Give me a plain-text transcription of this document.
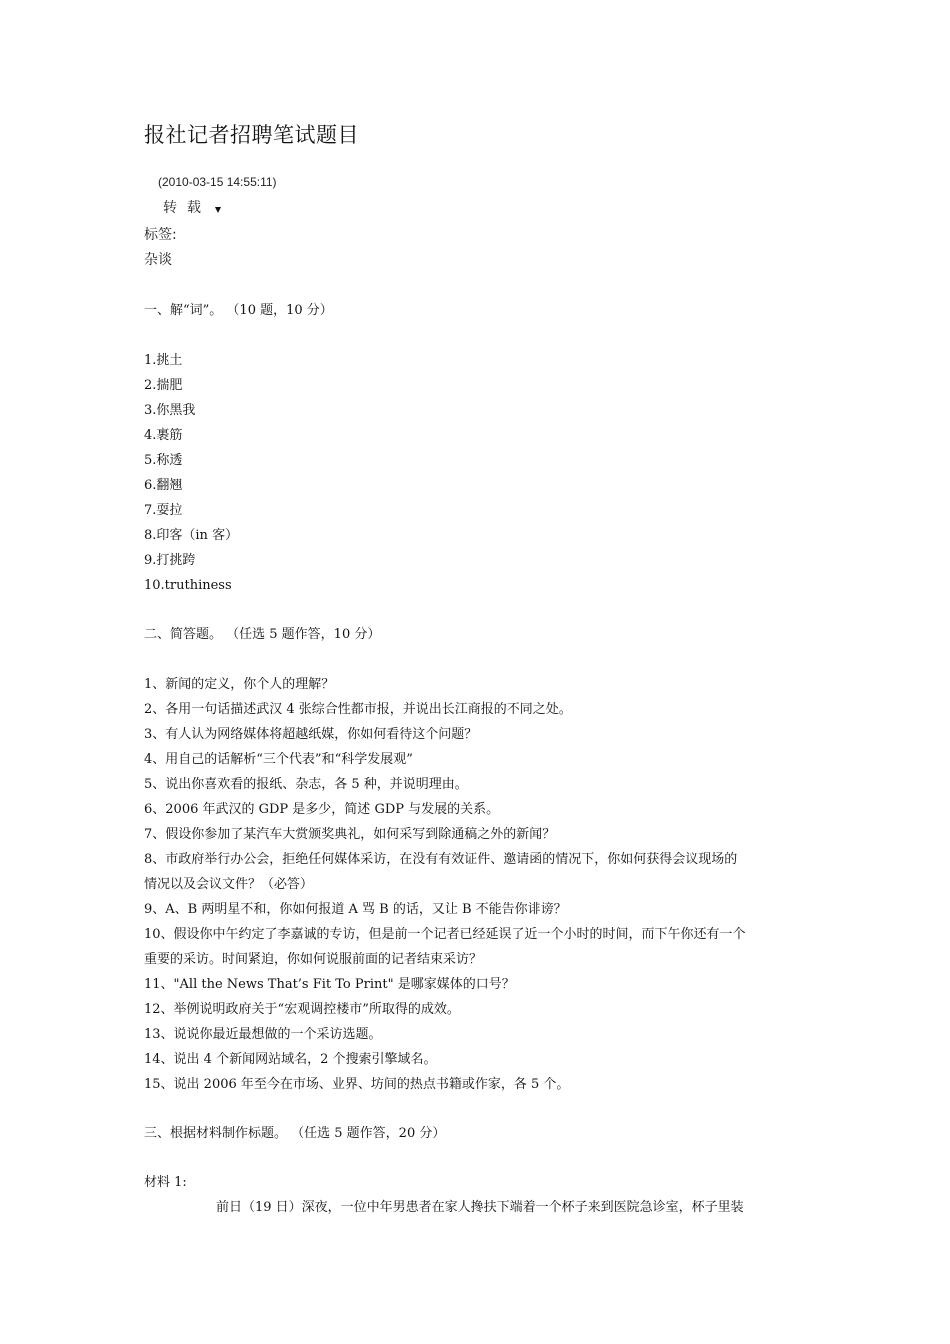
报社记者招聘笔试题目
(2010-03-15 14:55:11)
转载
标签:
杂谈
一、解“词”。 （10 题，10 分）
1.挑土
2.揣肥
3.你黑我
4.裹筋
5.称透
6.翻翘
7.耍拉
8.印客（in 客）
9.打挑跨
10.truthiness
二、简答题。 （任选 5 题作答，10 分）
1、新闻的定义，你个人的理解？
2、各用一句话描述武汉 4 张综合性都市报，并说出长江商报的不同之处。
3、有人认为网络媒体将超越纸媒，你如何看待这个问题？
4、用自己的话解析“三个代表”和“科学发展观”
5、说出你喜欢看的报纸、杂志，各 5 种，并说明理由。
6、2006 年武汉的 GDP 是多少，简述 GDP 与发展的关系。
7、假设你参加了某汽车大赏颁奖典礼，如何采写到除通稿之外的新闻？
8、市政府举行办公会，拒绝任何媒体采访，在没有有效证件、邀请函的情况下，你如何获得会议现场的
情况以及会议文件？（必答）
9、A、B 两明星不和，你如何报道 A 骂 B 的话，又让 B 不能告你诽谤？
10、假设你中午约定了李嘉诚的专访，但是前一个记者已经延误了近一个小时的时间，而下午你还有一个
重要的采访。时间紧迫，你如何说服前面的记者结束采访？
11、"All the News That’s Fit To Print" 是哪家媒体的口号？
12、举例说明政府关于“宏观调控楼市”所取得的成效。
13、说说你最近最想做的一个采访选题。
14、说出 4 个新闻网站域名，2 个搜索引擎域名。
15、说出 2006 年至今在市场、业界、坊间的热点书籍或作家，各 5 个。
三、根据材料制作标题。 （任选 5 题作答，20 分）
材料 1:
前日（19 日）深夜，一位中年男患者在家人搀扶下端着一个杯子来到医院急诊室，杯子里装
